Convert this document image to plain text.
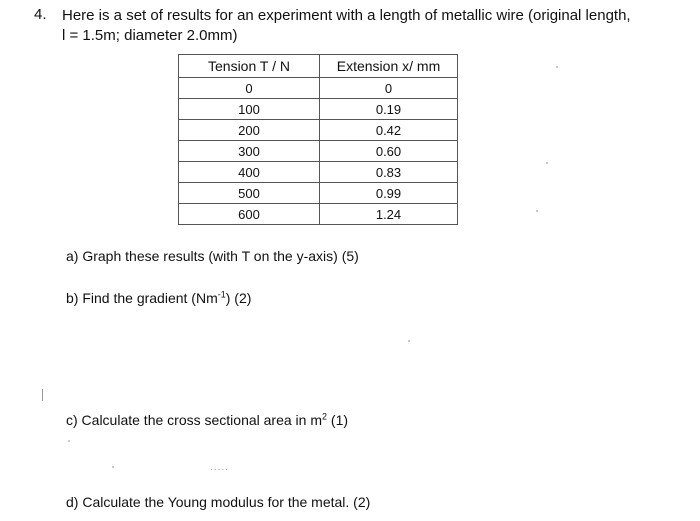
4. Here is a set of results for an experiment with a length of metallic wire (original length,
l = 1.5m; diameter 2.0mm)
Tension T / N	Extension x/ mm
0	0
100	0.19
200	0.42
300	0.60
400	0.83
500	0.99
600	1.24
a) Graph these results (with T on the y-axis) (5)
b) Find the gradient $(Nm^{-1})$ (2)
c) Calculate the cross sectional area in $m^2$ (1)
d) Calculate the Young modulus for the metal. (2)
.....
